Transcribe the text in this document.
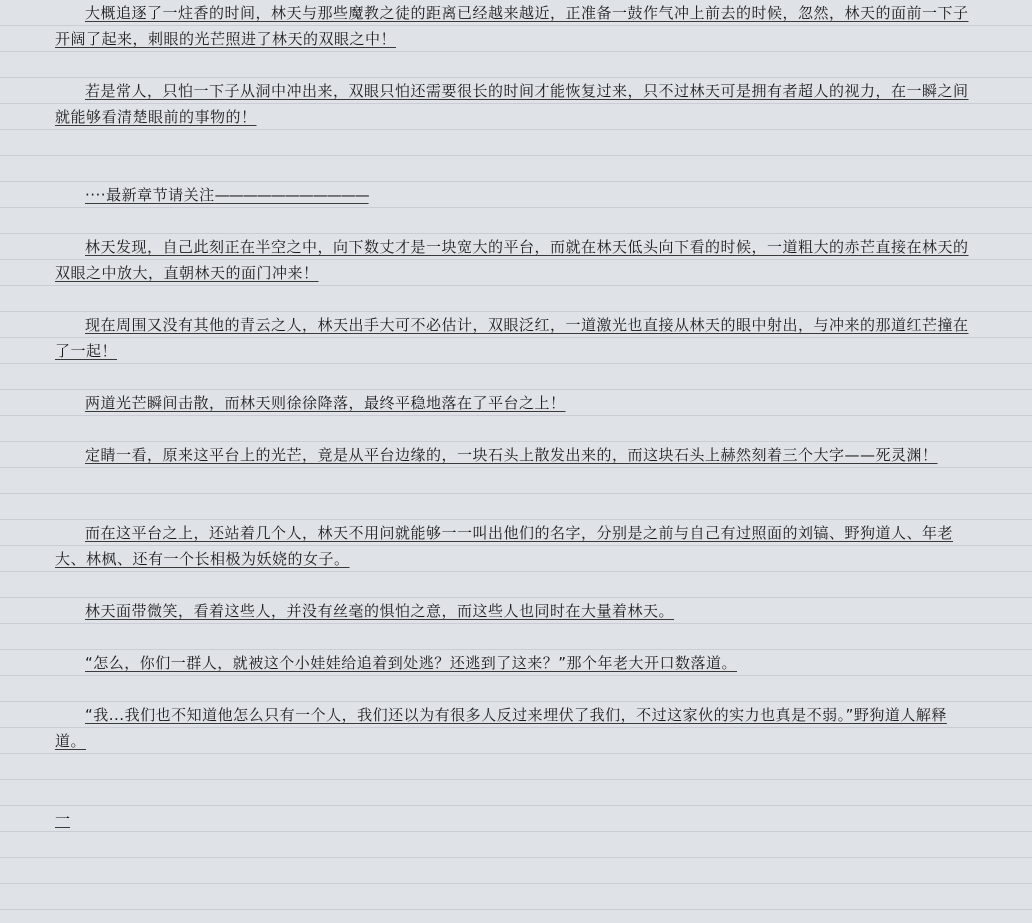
大概追逐了一炷香的时间，林天与那些魔教之徒的距离已经越来越近，正准备一鼓作气冲上前去的时候，忽然，林天的面前一下子开阔了起来，刺眼的光芒照进了林天的双眼之中！

若是常人，只怕一下子从洞中冲出来，双眼只怕还需要很长的时间才能恢复过来，只不过林天可是拥有者超人的视力，在一瞬之间就能够看清楚眼前的事物的！

····最新章节请关注———————————

林天发现，自己此刻正在半空之中，向下数丈才是一块宽大的平台，而就在林天低头向下看的时候，一道粗大的赤芒直接在林天的双眼之中放大，直朝林天的面门冲来！

现在周围又没有其他的青云之人，林天出手大可不必估计，双眼泛红，一道激光也直接从林天的眼中射出，与冲来的那道红芒撞在了一起！

两道光芒瞬间击散，而林天则徐徐降落，最终平稳地落在了平台之上！

定睛一看，原来这平台上的光芒，竟是从平台边缘的，一块石头上散发出来的，而这块石头上赫然刻着三个大字——死灵渊！

而在这平台之上，还站着几个人，林天不用问就能够一一叫出他们的名字，分别是之前与自己有过照面的刘镐、野狗道人、年老大、林枫、还有一个长相极为妖娆的女子。

林天面带微笑，看着这些人，并没有丝毫的惧怕之意，而这些人也同时在大量着林天。

“怎么，你们一群人，就被这个小娃娃给追着到处逃？还逃到了这来？”那个年老大开口数落道。

“我...我们也不知道他怎么只有一个人，我们还以为有很多人反过来埋伏了我们，不过这家伙的实力也真是不弱。”野狗道人解释道。

一
